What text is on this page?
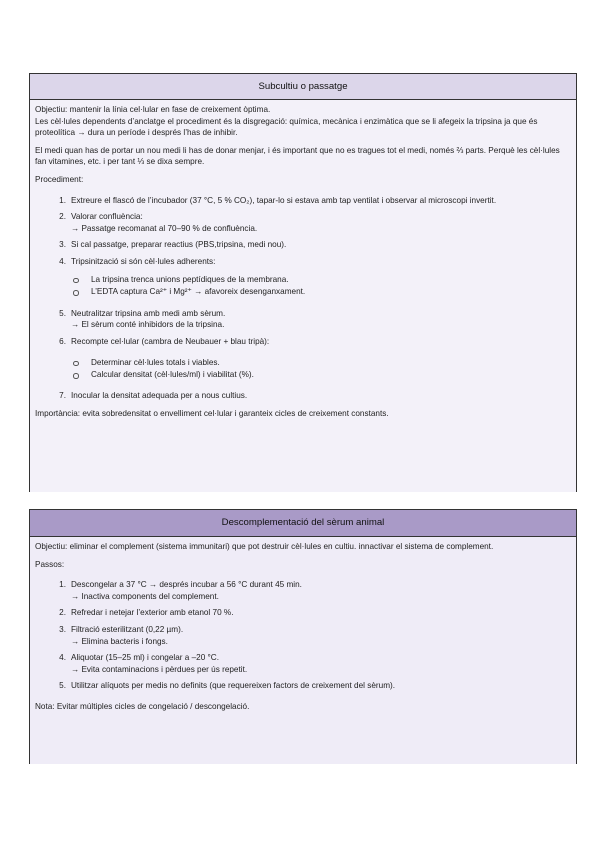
Subcultiu o passatge
Objectiu: mantenir la línia cel·lular en fase de creixement òptima.
Les cèl·lules dependents d’anclatge el procediment és la disgregació: química, mecànica i enzimàtica que se li afegeix la tripsina ja que és proteolítica → dura un període i després l’has de inhibir.
El medi quan has de portar un nou medi li has de donar menjar, i és important que no es tragues tot el medi, només ⅔ parts. Perquè les cèl·lules fan vitamines, etc. i per tant ⅓ se dixa sempre.
Procediment:
1. Extreure el flascó de l’incubador (37 °C, 5 % CO₂), tapar-lo si estava amb tap ventilat i observar al microscopi invertit.
2. Valorar confluència:
→ Passatge recomanat al 70–90 % de confluència.
3. Si cal passatge, preparar reactius (PBS,tripsina, medi nou).
4. Tripsinització si són cèl·lules adherents:
La tripsina trenca unions peptídiques de la membrana.
L’EDTA captura Ca²⁺ i Mg²⁺ → afavoreix desenganxament.
5. Neutralitzar tripsina amb medi amb sèrum.
→ El sèrum conté inhibidors de la tripsina.
6. Recompte cel·lular (cambra de Neubauer + blau tripà):
Determinar cèl·lules totals i viables.
Calcular densitat (cèl·lules/ml) i viabilitat (%).
7. Inocular la densitat adequada per a nous cultius.
Importància: evita sobredensitat o envelliment cel·lular i garanteix cicles de creixement constants.
Descomplementació del sèrum animal
Objectiu: eliminar el complement (sistema immunitari) que pot destruir cèl·lules en cultiu. innactivar el sistema de complement.
Passos:
1. Descongelar a 37 °C → després incubar a 56 °C durant 45 min.
→ Inactiva components del complement.
2. Refredar i netejar l’exterior amb etanol 70 %.
3. Filtració esterilitzant (0,22 µm).
→ Elimina bacteris i fongs.
4. Aliquotar (15–25 ml) i congelar a –20 °C.
→ Evita contaminacions i pèrdues per ús repetit.
5. Utilitzar alíquots per medis no definits (que requereixen factors de creixement del sèrum).
Nota: Evitar múltiples cicles de congelació / descongelació.
